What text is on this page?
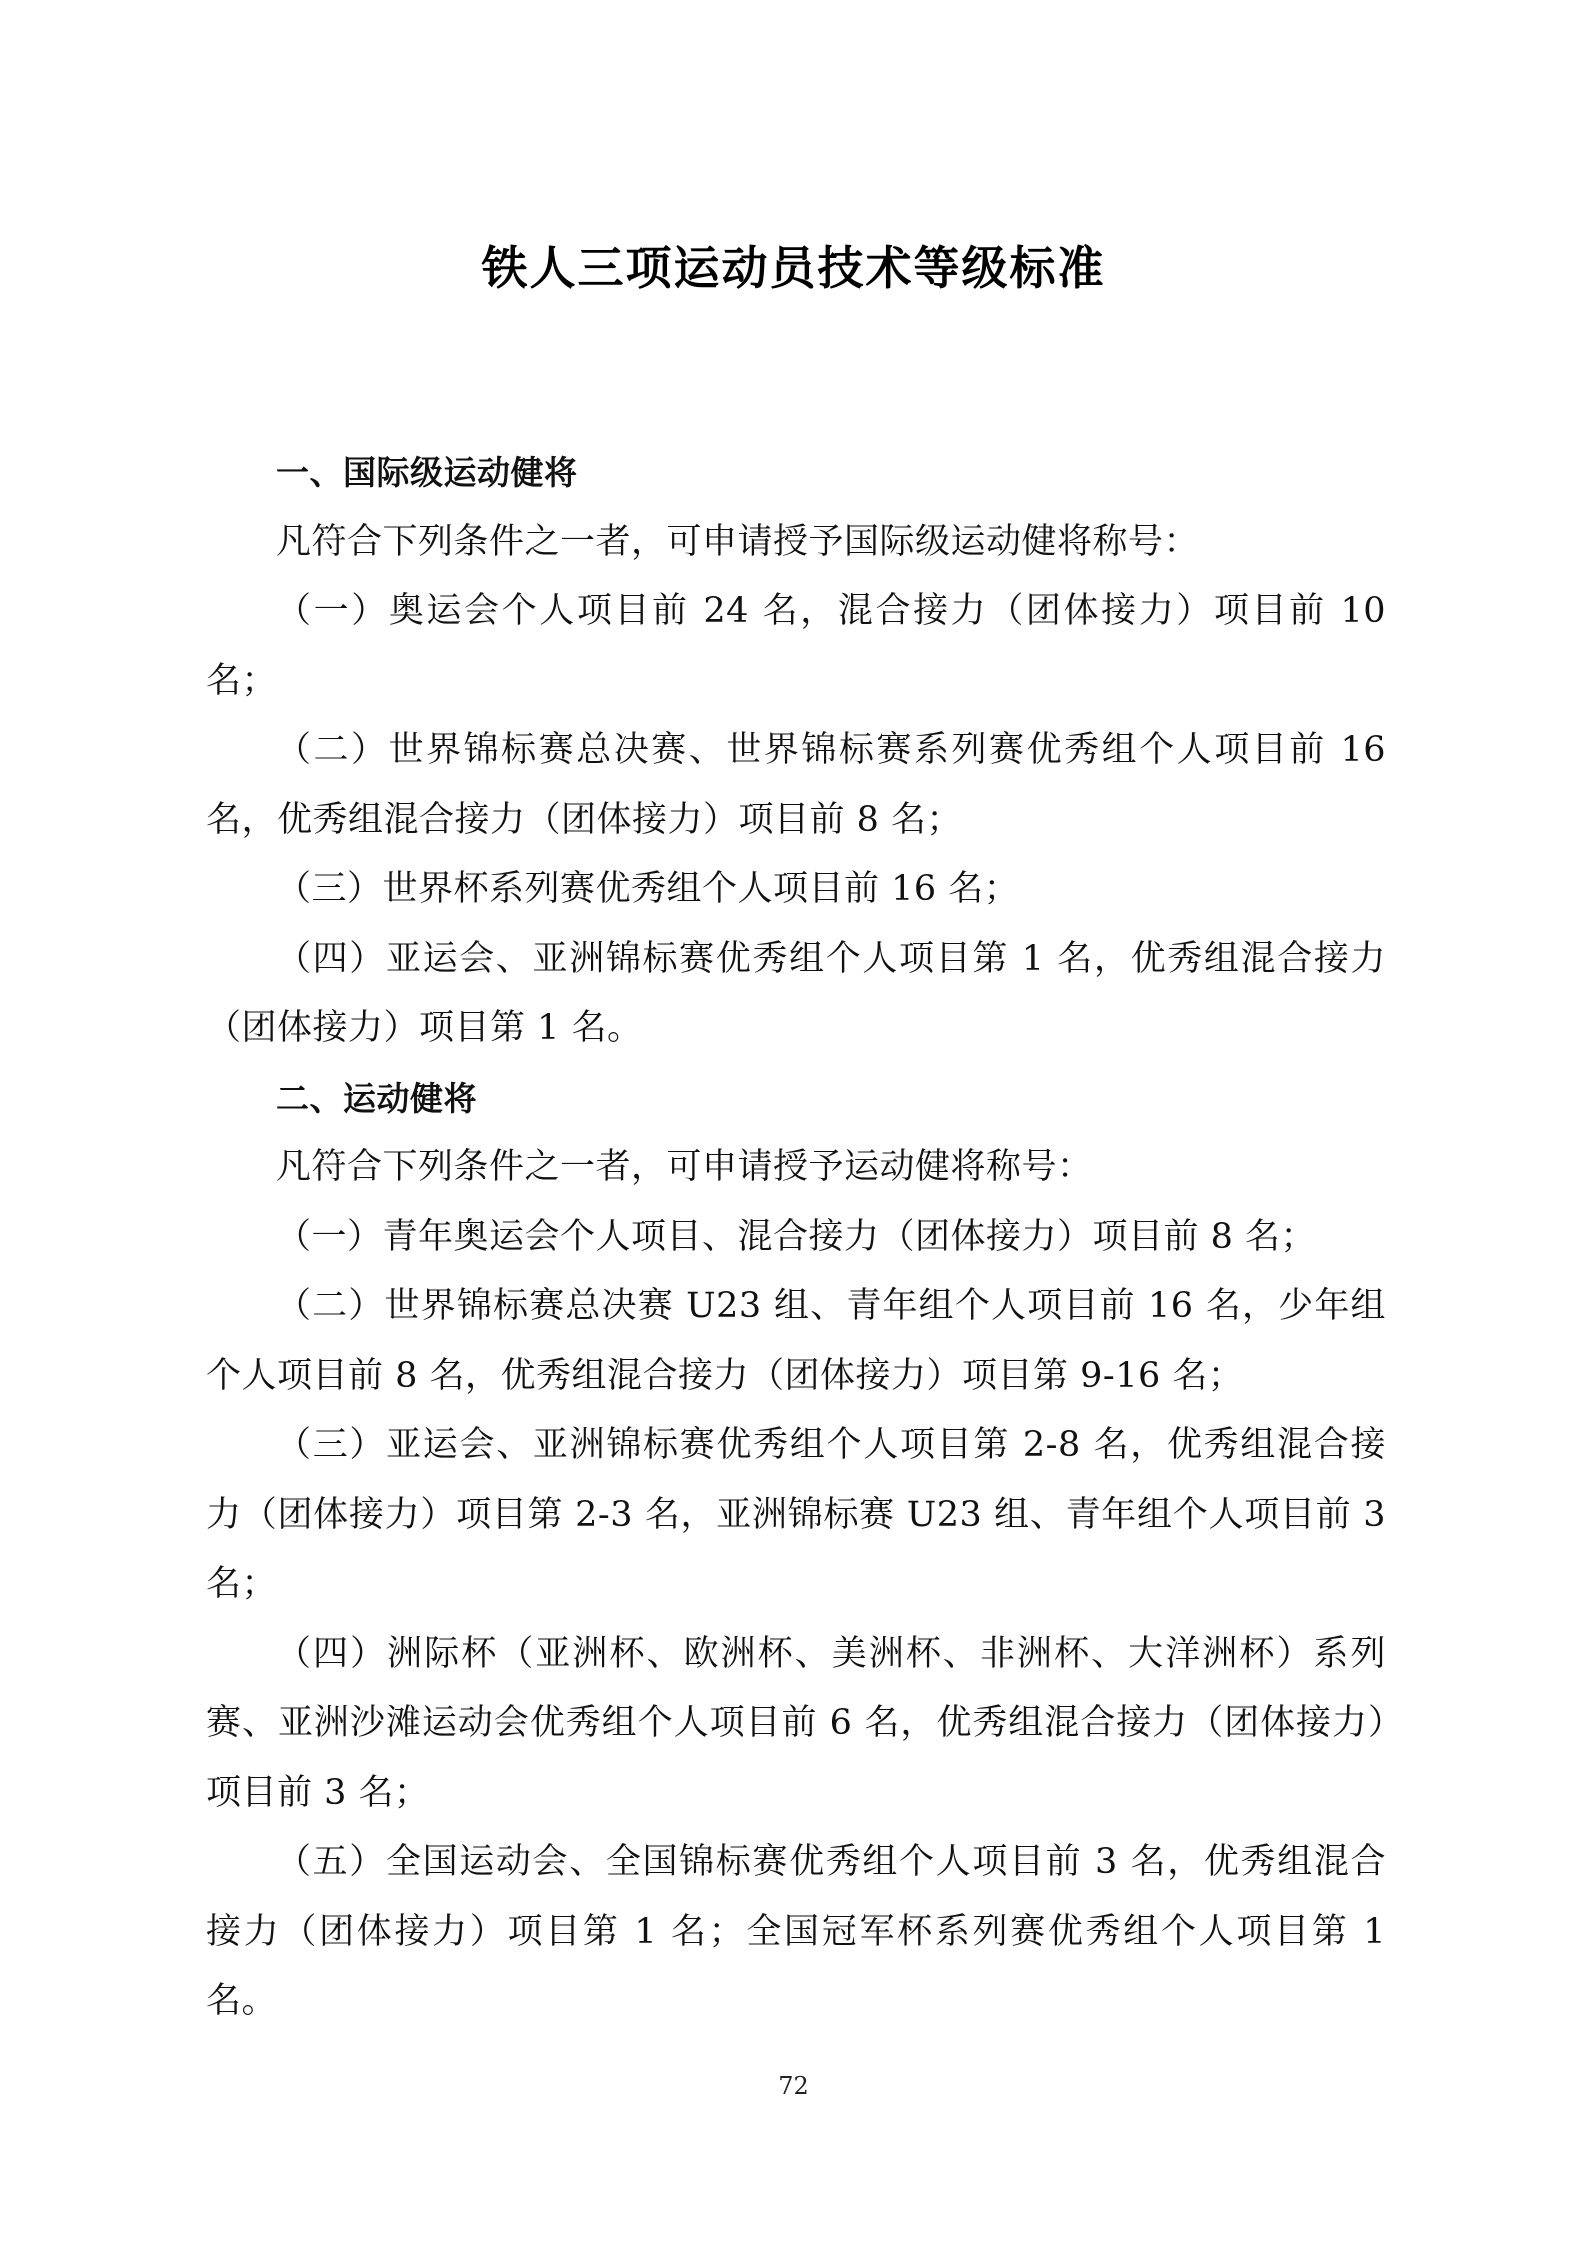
铁人三项运动员技术等级标准

一、国际级运动健将

凡符合下列条件之一者，可申请授予国际级运动健将称号：

（一）奥运会个人项目前 24 名，混合接力（团体接力）项目前 10 名；

（二）世界锦标赛总决赛、世界锦标赛系列赛优秀组个人项目前 16 名，优秀组混合接力（团体接力）项目前 8 名；

（三）世界杯系列赛优秀组个人项目前 16 名；

（四）亚运会、亚洲锦标赛优秀组个人项目第 1 名，优秀组混合接力（团体接力）项目第 1 名。

二、运动健将

凡符合下列条件之一者，可申请授予运动健将称号：

（一）青年奥运会个人项目、混合接力（团体接力）项目前 8 名；

（二）世界锦标赛总决赛 U23 组、青年组个人项目前 16 名，少年组个人项目前 8 名，优秀组混合接力（团体接力）项目第 9-16 名；

（三）亚运会、亚洲锦标赛优秀组个人项目第 2-8 名，优秀组混合接力（团体接力）项目第 2-3 名，亚洲锦标赛 U23 组、青年组个人项目前 3 名；

（四）洲际杯（亚洲杯、欧洲杯、美洲杯、非洲杯、大洋洲杯）系列赛、亚洲沙滩运动会优秀组个人项目前 6 名，优秀组混合接力（团体接力）项目前 3 名；

（五）全国运动会、全国锦标赛优秀组个人项目前 3 名，优秀组混合接力（团体接力）项目第 1 名；全国冠军杯系列赛优秀组个人项目第 1 名。

72
